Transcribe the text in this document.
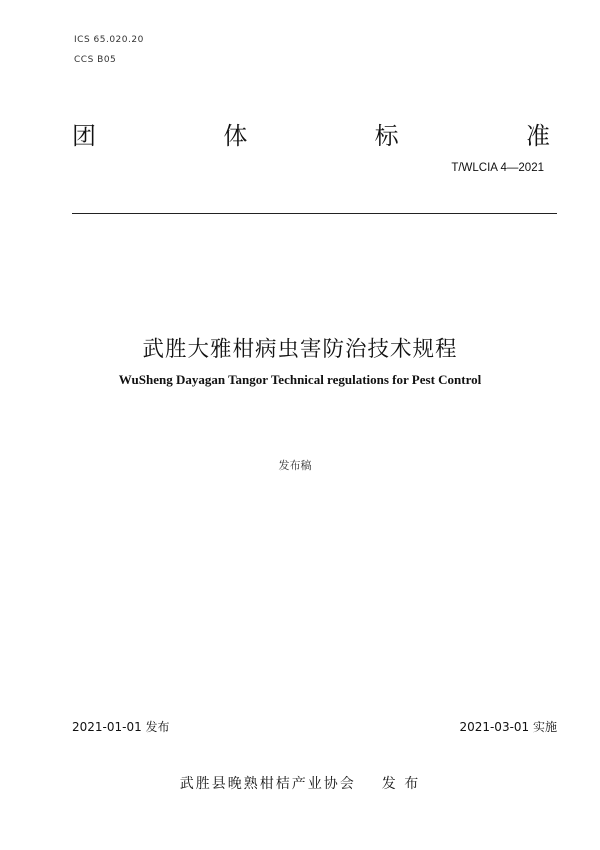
ICS 65.020.20
CCS B05
团	体	标	准
T/WLCIA 4—2021
武胜大雅柑病虫害防治技术规程
WuSheng Dayagan Tangor Technical regulations for Pest Control
发布稿
2021-01-01 发布	2021-03-01 实施
武胜县晚熟柑桔产业协会 发 布
